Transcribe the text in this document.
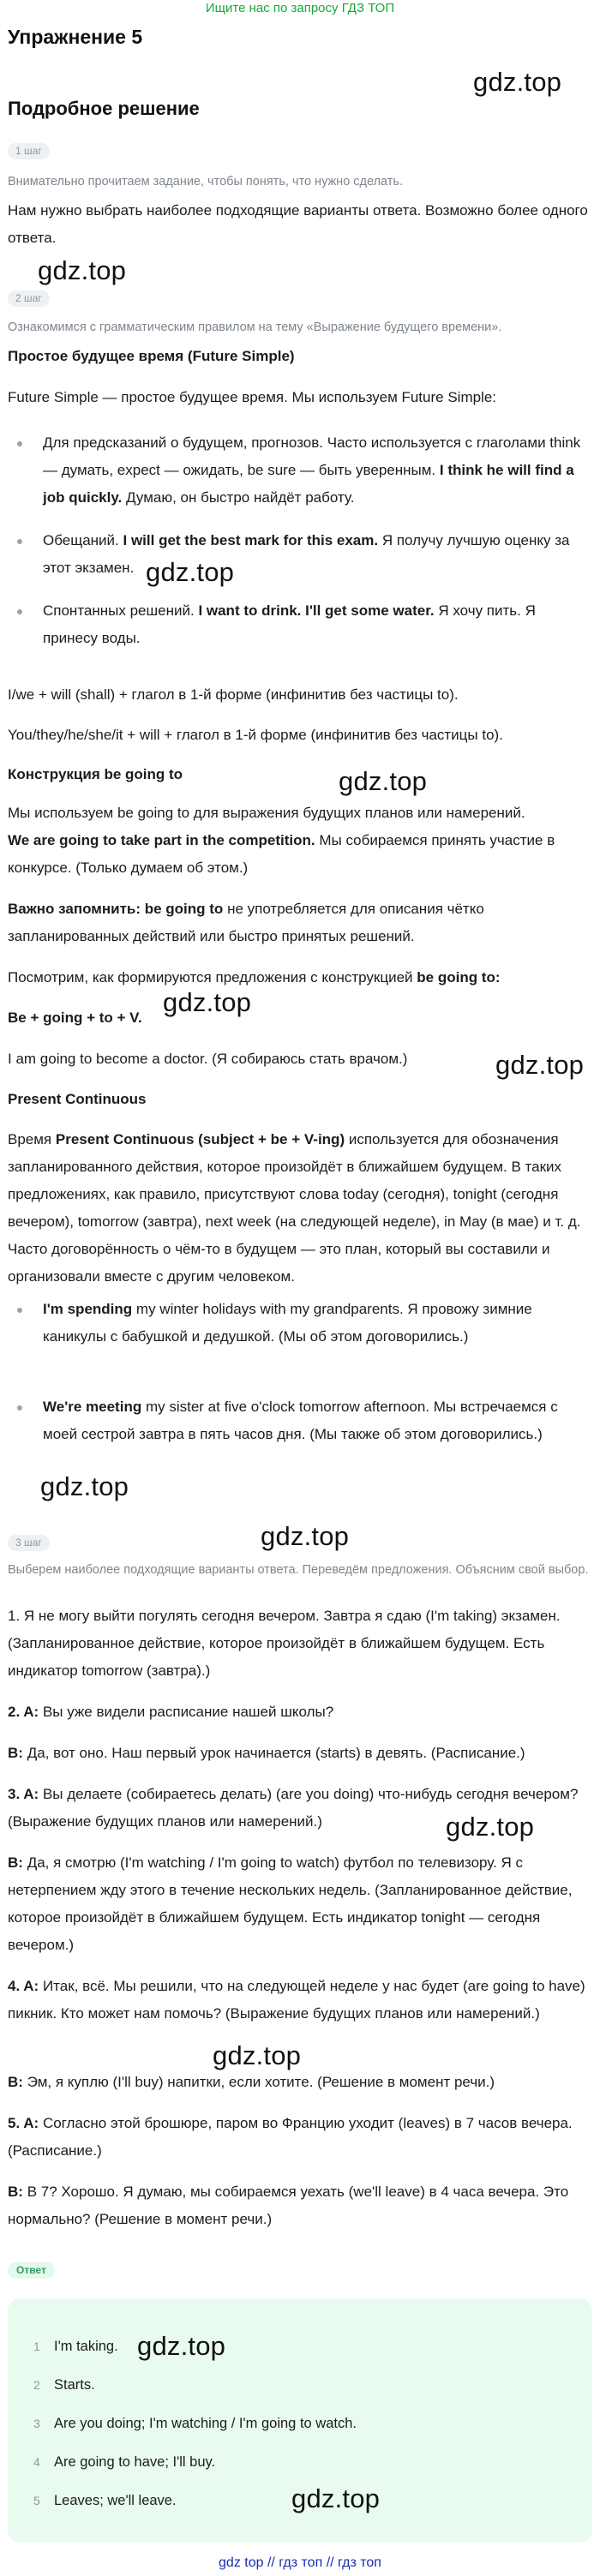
Ищите нас по запросу ГДЗ ТОП
Упражнение 5
gdz.top
Подробное решение
1 шаг
Внимательно прочитаем задание, чтобы понять, что нужно сделать.
Нам нужно выбрать наиболее подходящие варианты ответа. Возможно более одного ответа.
gdz.top
2 шаг
Ознакомимся с грамматическим правилом на тему «Выражение будущего времени».
Простое будущее время (Future Simple)
Future Simple — простое будущее время. Мы используем Future Simple:
Для предсказаний о будущем, прогнозов. Часто используется с глаголами think — думать, expect — ожидать, be sure — быть уверенным. I think he will find a job quickly. Думаю, он быстро найдёт работу.
Обещаний. I will get the best mark for this exam. Я получу лучшую оценку за этот экзамен. gdz.top
Спонтанных решений. I want to drink. I'll get some water. Я хочу пить. Я принесу воды.
I/we + will (shall) + глагол в 1-й форме (инфинитив без частицы to).
You/they/he/she/it + will + глагол в 1-й форме (инфинитив без частицы to).
Конструкция be going to	gdz.top
Мы используем be going to для выражения будущих планов или намерений.
We are going to take part in the competition. Мы собираемся принять участие в конкурсе. (Только думаем об этом.)
Важно запомнить: be going to не употребляется для описания чётко запланированных действий или быстро принятых решений.
Посмотрим, как формируются предложения с конструкцией be going to:
gdz.top
Be + going + to + V.
gdz.top
I am going to become a doctor. (Я собираюсь стать врачом.)
Present Continuous
Время Present Continuous (subject + be + V-ing) используется для обозначения запланированного действия, которое произойдёт в ближайшем будущем. В таких предложениях, как правило, присутствуют слова today (сегодня), tonight (сегодня вечером), tomorrow (завтра), next week (на следующей неделе), in May (в мае) и т. д. Часто договорённость о чём-то в будущем — это план, который вы составили и организовали вместе с другим человеком.
I'm spending my winter holidays with my grandparents. Я провожу зимние каникулы с бабушкой и дедушкой. (Мы об этом договорились.)
We're meeting my sister at five o'clock tomorrow afternoon. Мы встречаемся с моей сестрой завтра в пять часов дня. (Мы также об этом договорились.)
gdz.top
3 шаг	gdz.top
Выберем наиболее подходящие варианты ответа. Переведём предложения. Объясним свой выбор.
1. Я не могу выйти погулять сегодня вечером. Завтра я сдаю (I'm taking) экзамен. (Запланированное действие, которое произойдёт в ближайшем будущем. Есть индикатор tomorrow (завтра).)
2. A: Вы уже видели расписание нашей школы?
B: Да, вот оно. Наш первый урок начинается (starts) в девять. (Расписание.)
3. A: Вы делаете (собираетесь делать) (are you doing) что-нибудь сегодня вечером? (Выражение будущих планов или намерений.)	gdz.top
B: Да, я смотрю (I'm watching / I'm going to watch) футбол по телевизору. Я с нетерпением жду этого в течение нескольких недель. (Запланированное действие, которое произойдёт в ближайшем будущем. Есть индикатор tonight — сегодня вечером.)
4. A: Итак, всё. Мы решили, что на следующей неделе у нас будет (are going to have) пикник. Кто может нам помочь? (Выражение будущих планов или намерений.)
gdz.top
B: Эм, я куплю (I'll buy) напитки, если хотите. (Решение в момент речи.)
5. A: Согласно этой брошюре, паром во Францию уходит (leaves) в 7 часов вечера. (Расписание.)
B: В 7? Хорошо. Я думаю, мы собираемся уехать (we'll leave) в 4 часа вечера. Это нормально? (Решение в момент речи.)
Ответ
1 I'm taking.
2 Starts.
3 Are you doing; I'm watching / I'm going to watch.
4 Are going to have; I'll buy.
5 Leaves; we'll leave.
gdz.top
gdz.top
gdz top // гдз топ // гдз топ
